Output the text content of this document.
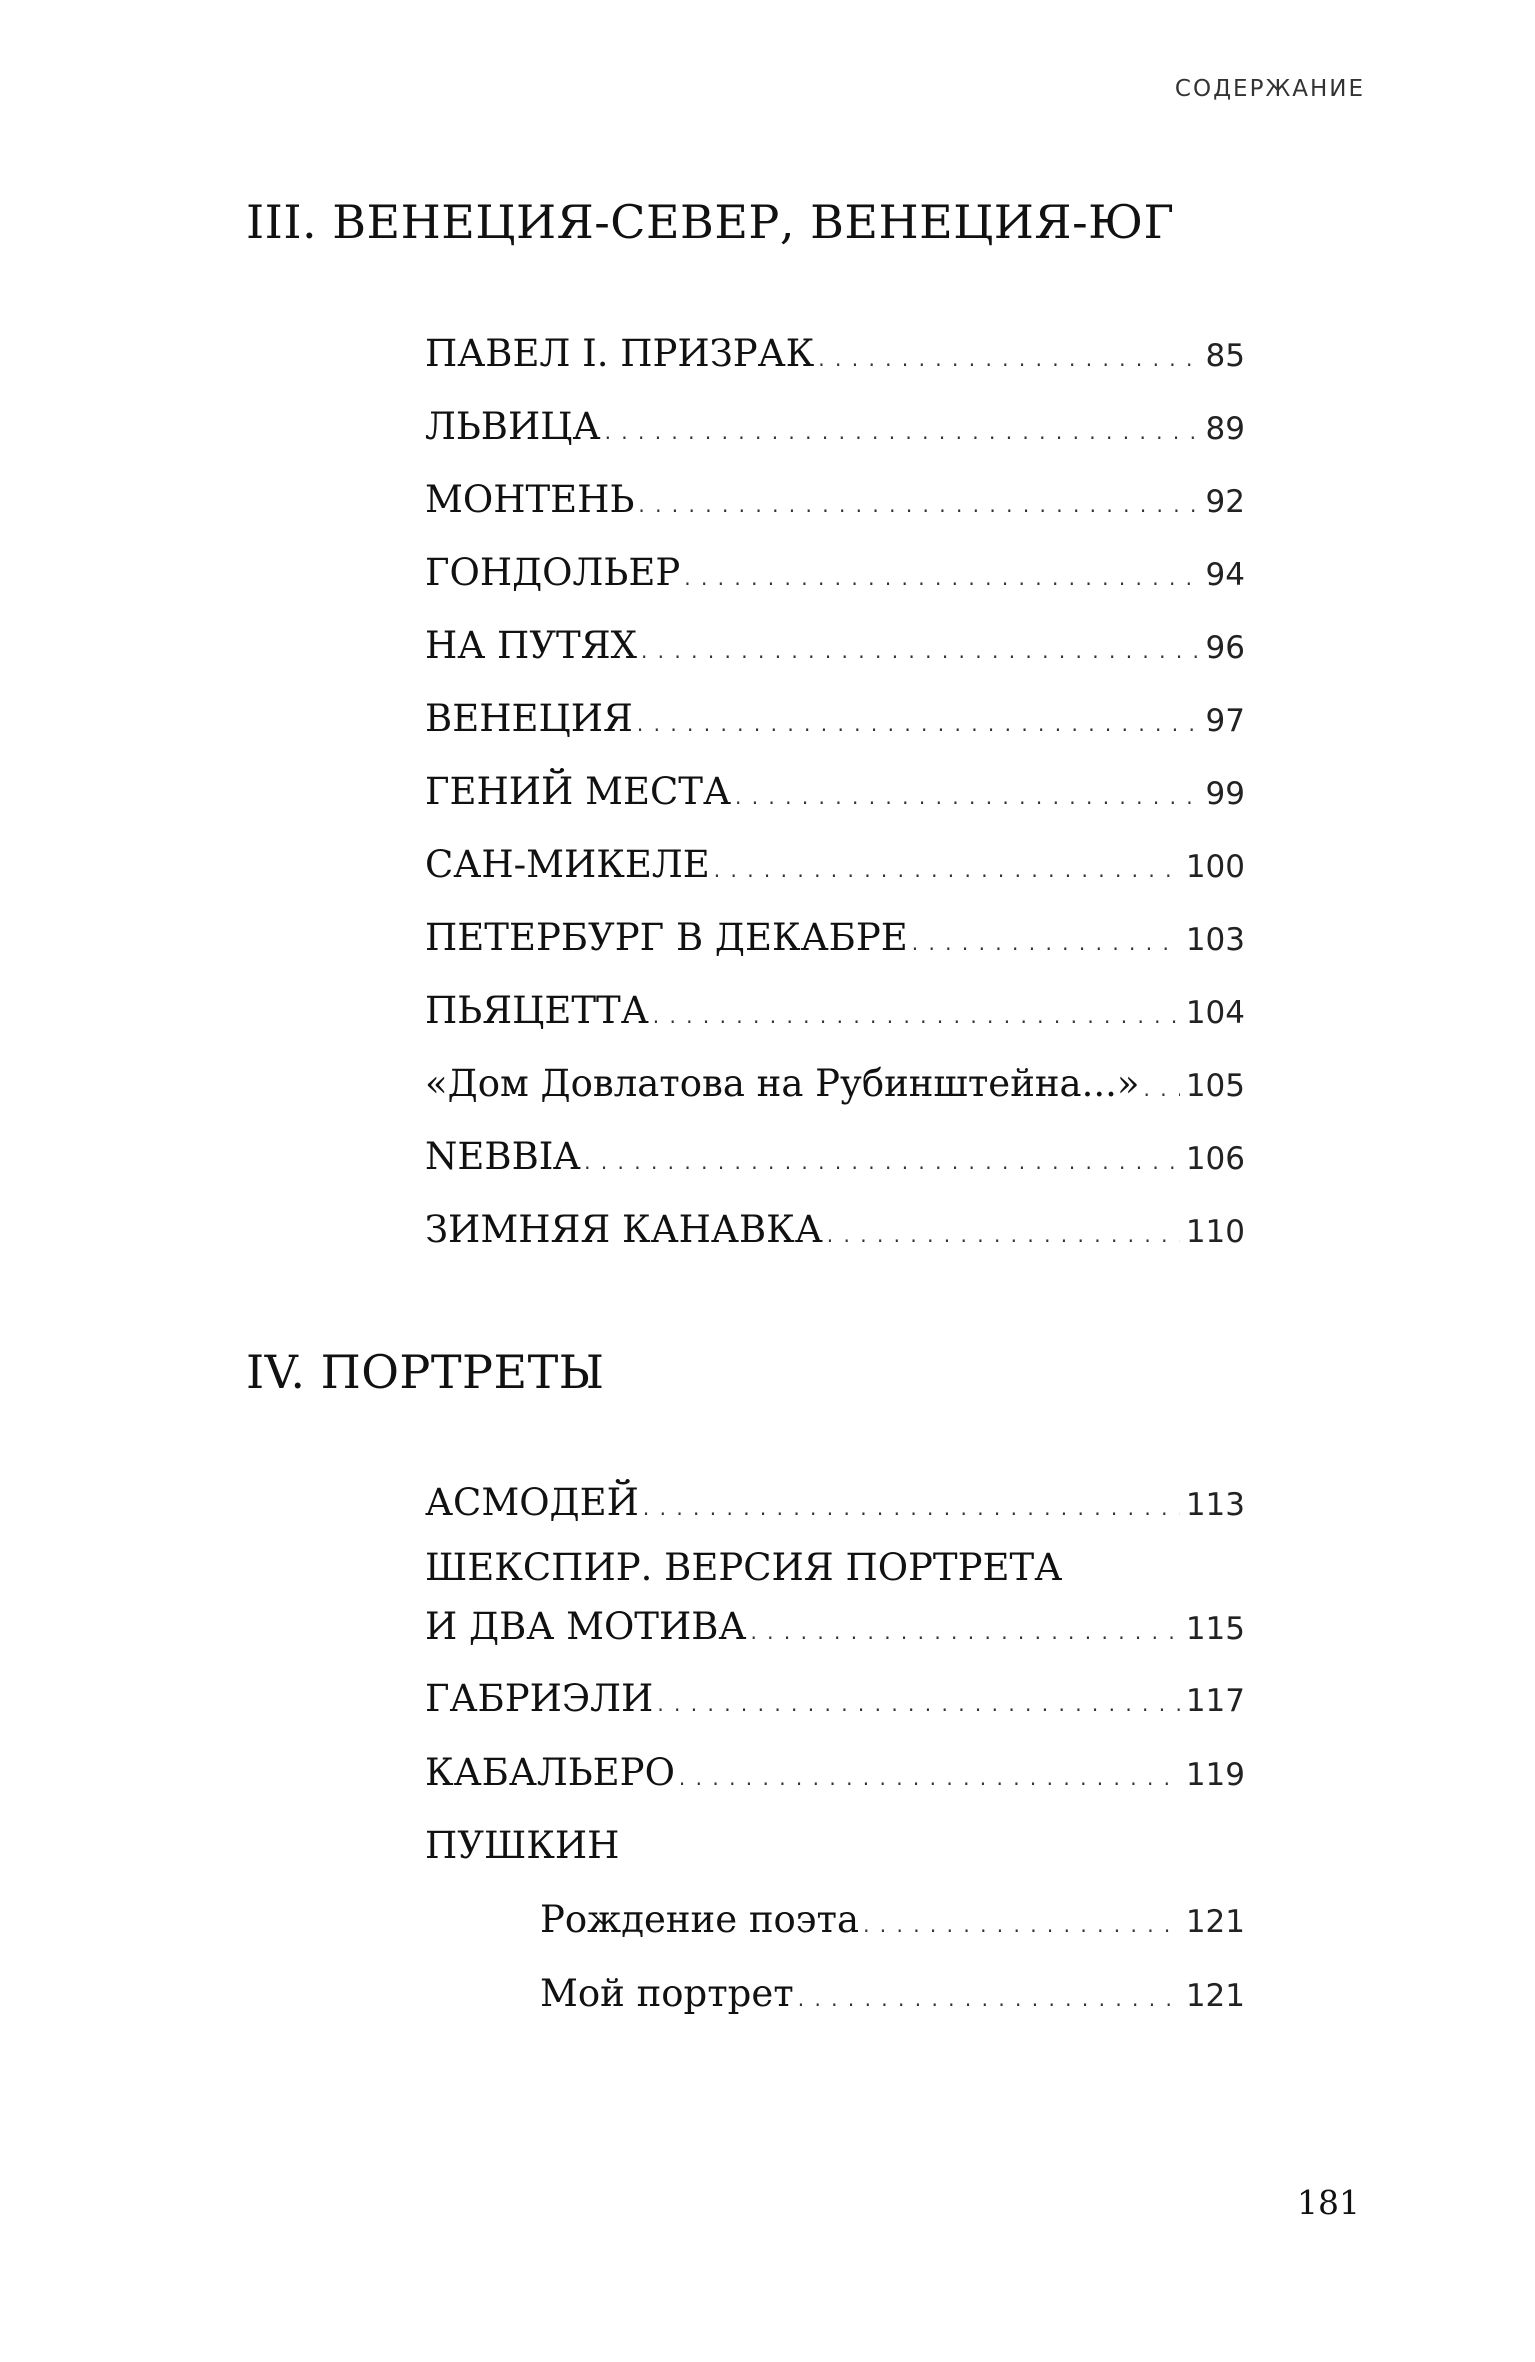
СОДЕРЖАНИЕ
III. ВЕНЕЦИЯ-СЕВЕР, ВЕНЕЦИЯ-ЮГ
ПАВЕЛ I. ПРИЗРАК . . .	85
ЛЬВИЦА . . .	89
МОНТЕНЬ . . .	92
ГОНДОЛЬЕР . . .	94
НА ПУТЯХ . . .	96
ВЕНЕЦИЯ . . .	97
ГЕНИЙ МЕСТА . . .	99
САН-МИКЕЛЕ . . .	100
ПЕТЕРБУРГ В ДЕКАБРЕ . . .	103
ПЬЯЦЕТТА . . .	104
«Дом Довлатова на Рубинштейна...» . . . 105
NEBBIA . . .	106
ЗИМНЯЯ КАНАВКА . . .	110
IV. ПОРТРЕТЫ
АСМОДЕЙ . . .	113
ШЕКСПИР. ВЕРСИЯ ПОРТРЕТА
И ДВА МОТИВА . . .	115
ГАБРИЭЛИ . . .	117
КАБАЛЬЕРО . . .	119
ПУШКИН
Рождение поэта . . .	121
Мой портрет . . .	121
181
